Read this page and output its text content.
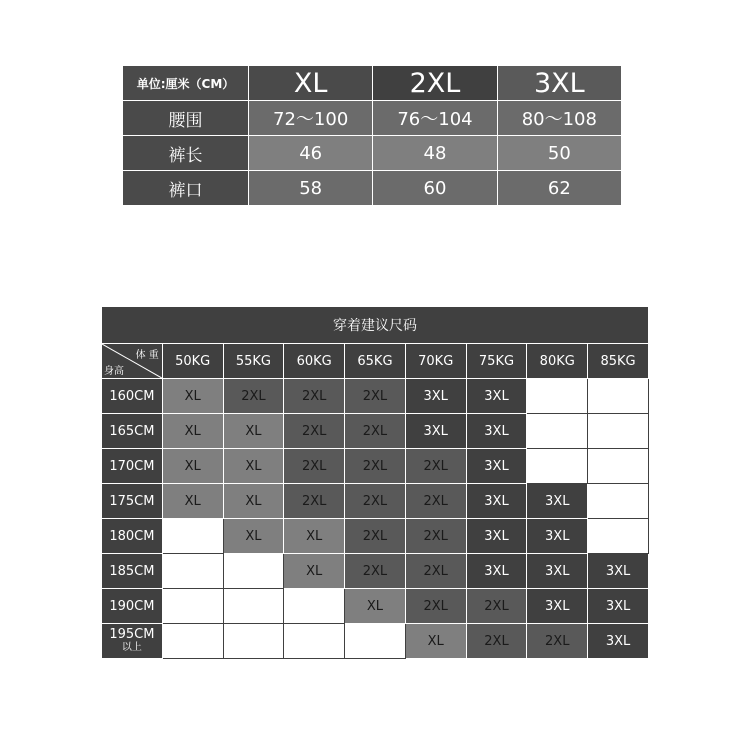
单位:厘米（CM）	XL	2XL	3XL
腰围	72～100	76～104	80～108
裤长	46	48	50
裤口	58	60	62
穿着建议尺码								

体 重
身高	50KG	55KG	60KG	65KG	70KG	75KG	80KG	85KG
160CM	XL	2XL	2XL	2XL	3XL	3XL		
165CM	XL	XL	2XL	2XL	3XL	3XL		
170CM	XL	XL	2XL	2XL	2XL	3XL		
175CM	XL	XL	2XL	2XL	2XL	3XL	3XL	
180CM		XL	XL	2XL	2XL	3XL	3XL	
185CM			XL	2XL	2XL	3XL	3XL	3XL
190CM				XL	2XL	2XL	3XL	3XL
195CM
以上					XL	2XL	2XL	3XL
